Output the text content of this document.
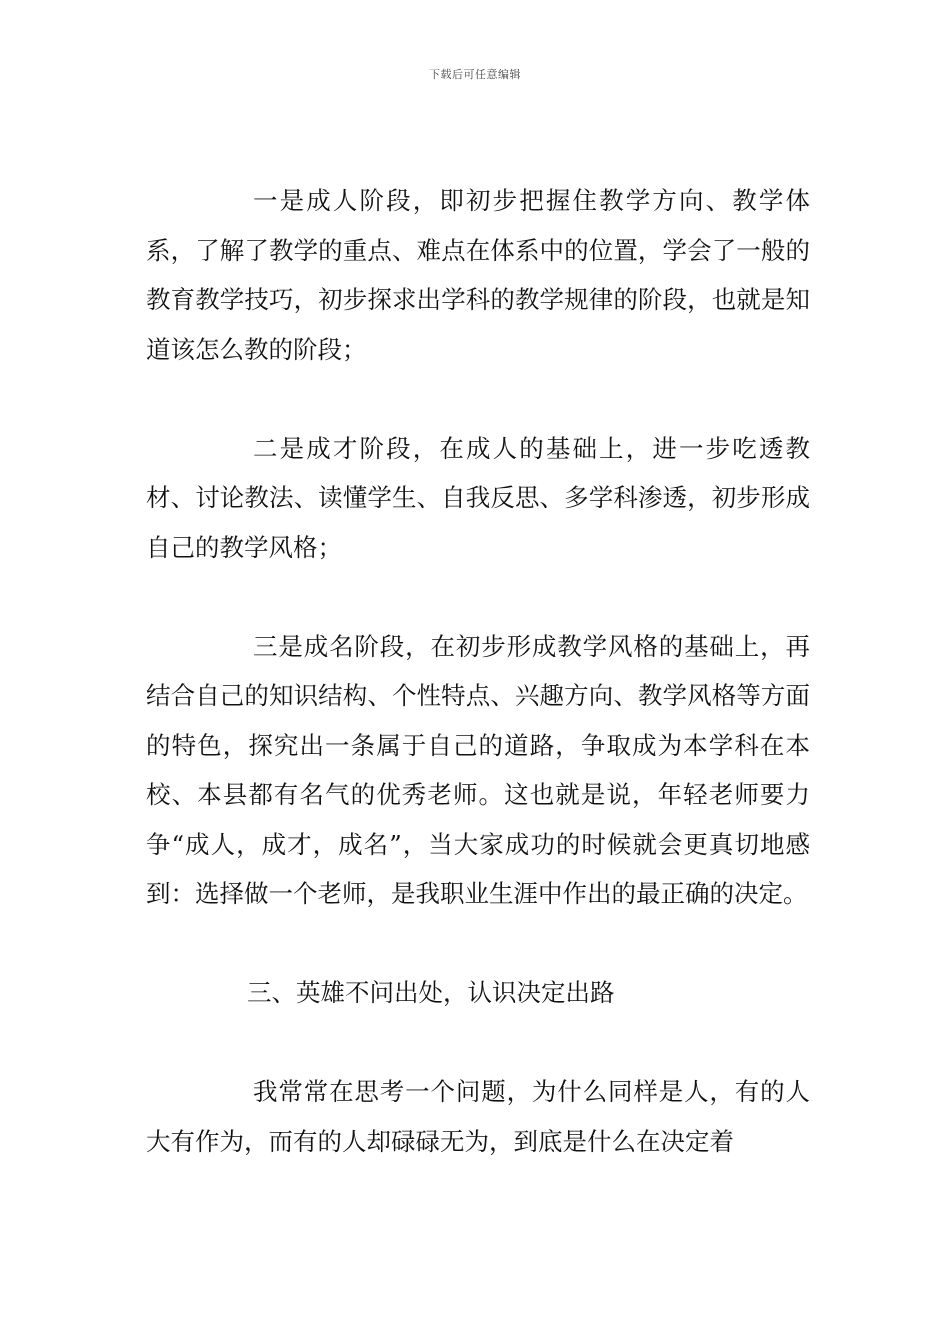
下载后可任意编辑

一是成人阶段，即初步把握住教学方向、教学体系，了解了教学的重点、难点在体系中的位置，学会了一般的教育教学技巧，初步探求出学科的教学规律的阶段，也就是知道该怎么教的阶段；

二是成才阶段，在成人的基础上，进一步吃透教材、讨论教法、读懂学生、自我反思、多学科渗透，初步形成自己的教学风格；

三是成名阶段，在初步形成教学风格的基础上，再结合自己的知识结构、个性特点、兴趣方向、教学风格等方面的特色，探究出一条属于自己的道路，争取成为本学科在本校、本县都有名气的优秀老师。这也就是说，年轻老师要力争“成人，成才，成名”，当大家成功的时候就会更真切地感到：选择做一个老师，是我职业生涯中作出的最正确的决定。

三、英雄不问出处，认识决定出路

我常常在思考一个问题，为什么同样是人，有的人大有作为，而有的人却碌碌无为，到底是什么在决定着
